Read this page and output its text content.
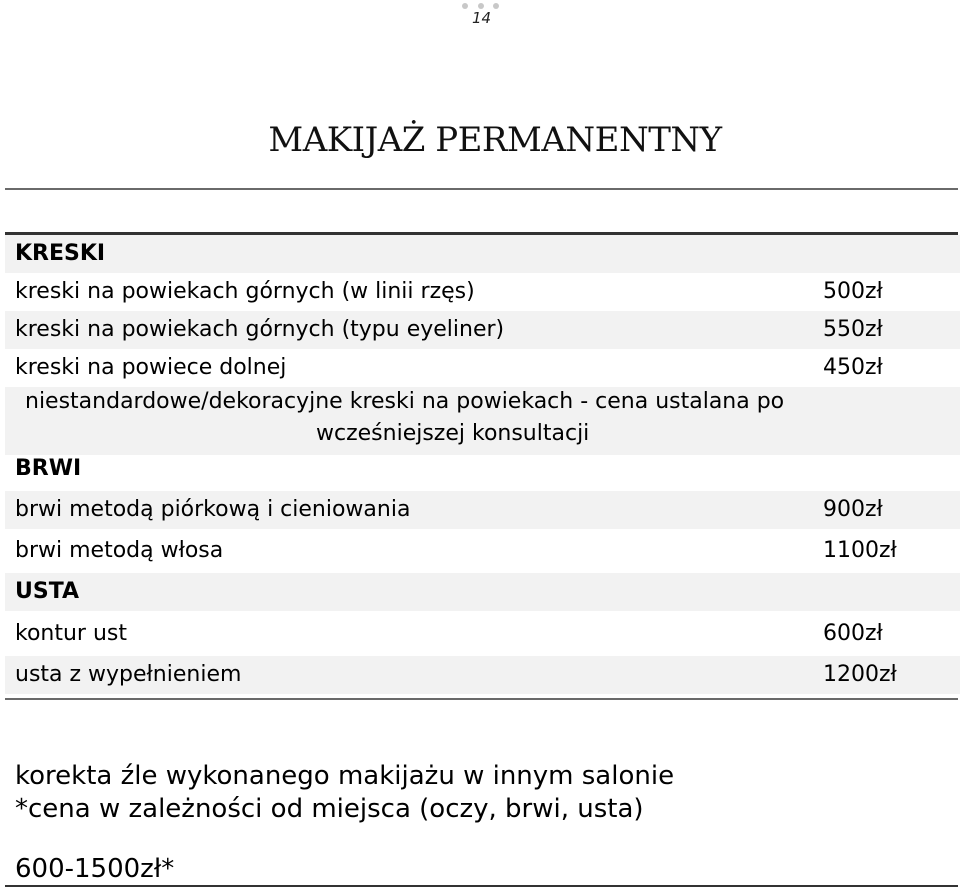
14
MAKIJAŻ PERMANENTNY
KRESKI
kreski na powiekach górnych (w linii rzęs)	500zł
kreski na powiekach górnych (typu eyeliner)	550zł
kreski na powiece dolnej	450zł
niestandardowe/dekoracyjne kreski na powiekach - cena ustalana po
wcześniejszej konsultacji
BRWI
brwi metodą piórkową i cieniowania	900zł
brwi metodą włosa	1100zł
USTA
kontur ust	600zł
usta z wypełnieniem	1200zł
korekta źle wykonanego makijażu w innym salonie
*cena w zależności od miejsca (oczy, brwi, usta)
600-1500zł*
